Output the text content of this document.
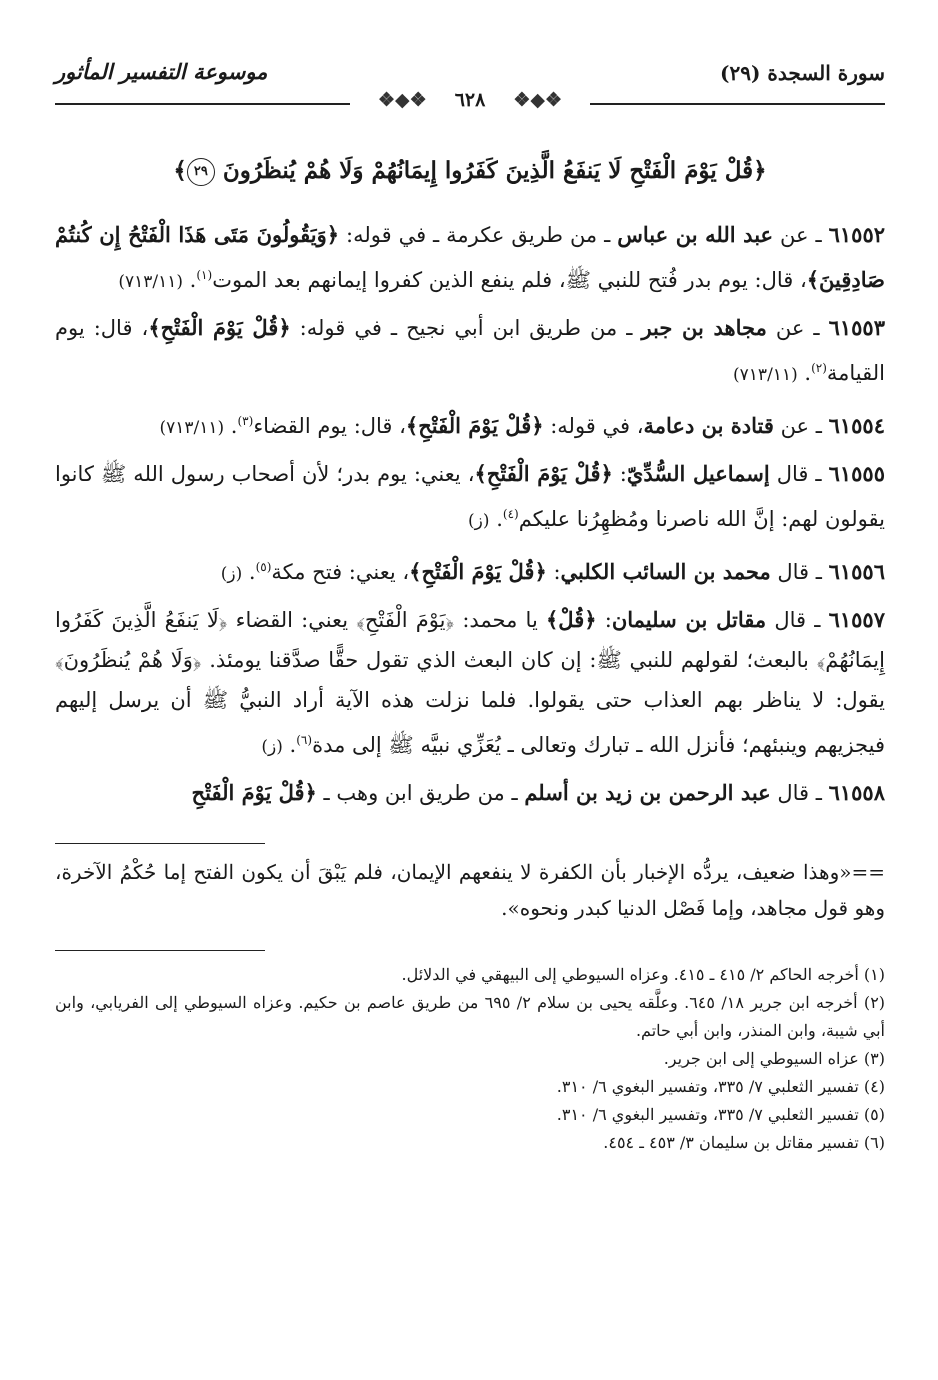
سورة السجدة (٢٩)
موسوعة التفسير المأثور
❖◆❖٦٢٨❖◆❖
﴿قُلْ يَوْمَ الْفَتْحِ لَا يَنفَعُ الَّذِينَ كَفَرُوا إِيمَانُهُمْ وَلَا هُمْ يُنظَرُونَ ٢٩﴾

٦١٥٥٢ ـ عن عبد الله بن عباس ـ من طريق عكرمة ـ في قوله: ﴿وَيَقُولُونَ مَتَى هَذَا الْفَتْحُ إِن كُنتُمْ صَادِقِينَ﴾، قال: يوم بدر فُتح للنبي ﷺ، فلم ينفع الذين كفروا إيمانهم بعد الموت$^{(١)}$. (٧١٣/١١)

٦١٥٥٣ ـ عن مجاهد بن جبر ـ من طريق ابن أبي نجيح ـ في قوله: ﴿قُلْ يَوْمَ الْفَتْحِ﴾، قال: يوم القيامة$^{(٢)}$. (٧١٣/١١)

٦١٥٥٤ ـ عن قتادة بن دعامة، في قوله: ﴿قُلْ يَوْمَ الْفَتْحِ﴾، قال: يوم القضاء$^{(٣)}$. (٧١٣/١١)

٦١٥٥٥ ـ قال إسماعيل السُّدِّيّ: ﴿قُلْ يَوْمَ الْفَتْحِ﴾، يعني: يوم بدر؛ لأن أصحاب رسول الله ﷺ كانوا يقولون لهم: إنَّ الله ناصرنا ومُظهِرُنا عليكم$^{(٤)}$. (ز)

٦١٥٥٦ ـ قال محمد بن السائب الكلبي: ﴿قُلْ يَوْمَ الْفَتْحِ﴾، يعني: فتح مكة$^{(٥)}$. (ز)

٦١٥٥٧ ـ قال مقاتل بن سليمان: ﴿قُلْ﴾ يا محمد: ﴿يَوْمَ الْفَتْحِ﴾ يعني: القضاء ﴿لَا يَنفَعُ الَّذِينَ كَفَرُوا إِيمَانُهُمْ﴾ بالبعث؛ لقولهم للنبي ﷺ: إن كان البعث الذي تقول حقًّا صدَّقنا يومئذ. ﴿وَلَا هُمْ يُنظَرُونَ﴾ يقول: لا يناظر بهم العذاب حتى يقولوا. فلما نزلت هذه الآية أراد النبيُّ ﷺ أن يرسل إليهم فيجزيهم وينبئهم؛ فأنزل الله ـ تبارك وتعالى ـ يُعَزِّي نبيَّه ﷺ إلى مدة$^{(٦)}$. (ز)

٦١٥٥٨ ـ قال عبد الرحمن بن زيد بن أسلم ـ من طريق ابن وهب ـ ﴿قُلْ يَوْمَ الْفَتْحِ

==«وهذا ضعيف، يردُّه الإخبار بأن الكفرة لا ينفعهم الإيمان، فلم يَبْقَ أن يكون الفتح إما حُكْمُ الآخرة، وهو قول مجاهد، وإما فَصْل الدنيا كبدر ونحوه».
(١) أخرجه الحاكم ٢/ ٤١٥ ـ ٤١٥. وعزاه السيوطي إلى البيهقي في الدلائل.
(٢) أخرجه ابن جرير ١٨/ ٦٤٥. وعلَّقه يحيى بن سلام ٢/ ٦٩٥ من طريق عاصم بن حكيم. وعزاه السيوطي إلى الفريابي، وابن أبي شيبة، وابن المنذر، وابن أبي حاتم.
(٣) عزاه السيوطي إلى ابن جرير.
(٤) تفسير الثعلبي ٧/ ٣٣٥، وتفسير البغوي ٦/ ٣١٠.
(٥) تفسير الثعلبي ٧/ ٣٣٥، وتفسير البغوي ٦/ ٣١٠.
(٦) تفسير مقاتل بن سليمان ٣/ ٤٥٣ ـ ٤٥٤.
